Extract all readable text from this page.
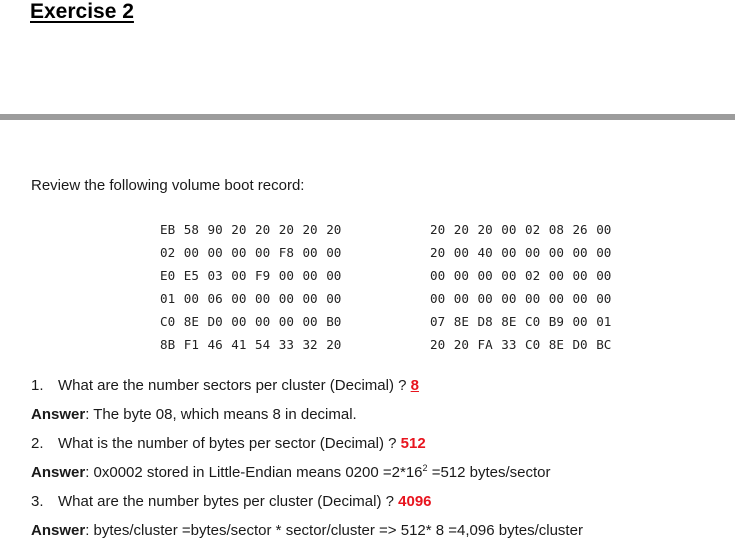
Exercise 2
Review the following volume boot record:
EB 58 90 20 20 20 20 20	20 20 20 00 02 08 26 00
02 00 00 00 00 F8 00 00	20 00 40 00 00 00 00 00
E0 E5 03 00 F9 00 00 00	00 00 00 00 02 00 00 00
01 00 06 00 00 00 00 00	00 00 00 00 00 00 00 00
C0 8E D0 00 00 00 00 B0	07 8E D8 8E C0 B9 00 01
8B F1 46 41 54 33 32 20	20 20 FA 33 C0 8E D0 BC
1. What are the number sectors per cluster (Decimal) ? 8
Answer: The byte 08, which means 8 in decimal.
2. What is the number of bytes per sector (Decimal) ? 512
Answer: 0x0002 stored in Little-Endian means $0200 =2*16^2 =512$ bytes/sector
3. What are the number bytes per cluster (Decimal) ? 4096
Answer: bytes/cluster =bytes/sector * sector/cluster => 512* 8 =4,096 bytes/cluster
